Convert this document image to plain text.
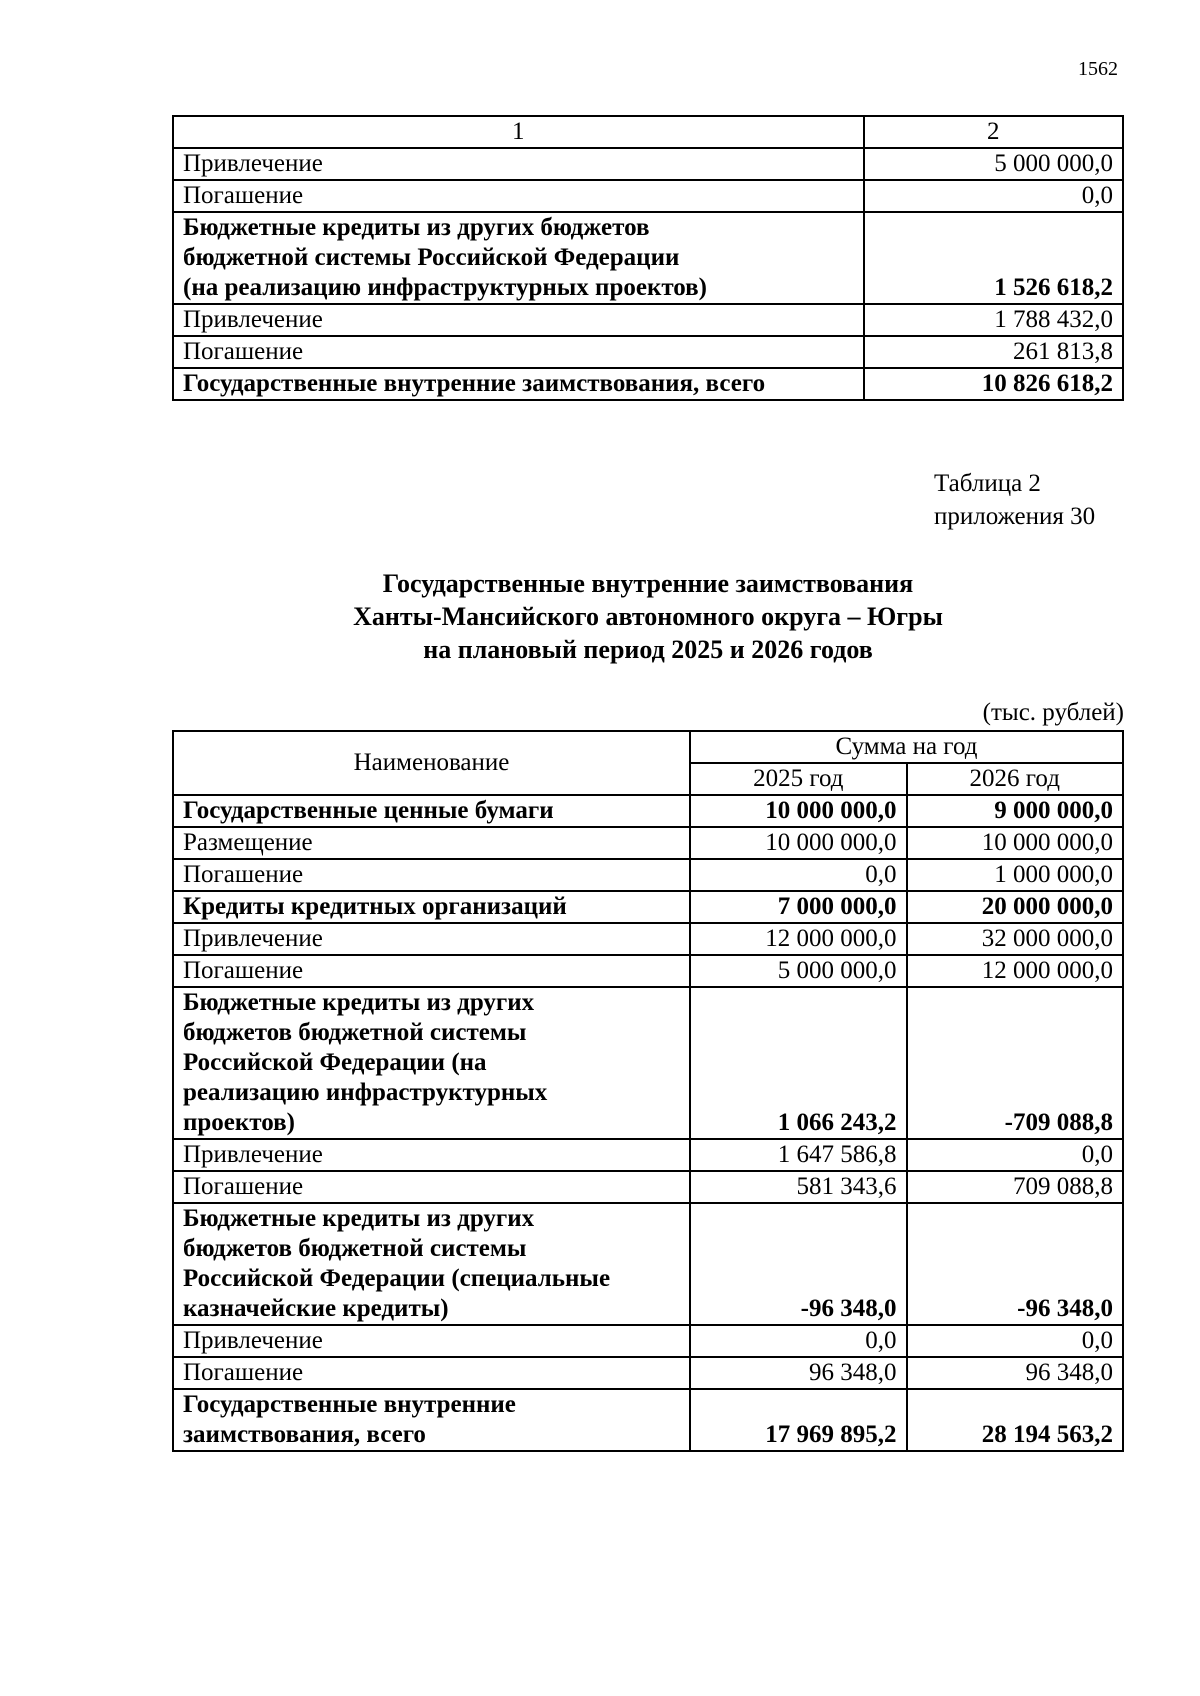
1562
1	2
Привлечение	5 000 000,0
Погашение	0,0

Бюджетные кредиты из других бюджетов
бюджетной системы Российской Федерации
(на реализацию инфраструктурных проектов)	1 526 618,2
Привлечение	1 788 432,0
Погашение	261 813,8
Государственные внутренние заимствования, всего	10 826 618,2
Таблица 2
приложения 30
Государственные внутренние заимствования
Ханты-Мансийского автономного округа – Югры
на плановый период 2025 и 2026 годов
(тыс. рублей)
Наименование	Сумма на год	
	2025 год	2026 год

Государственные ценные бумаги	10 000 000,0	9 000 000,0

Размещение	10 000 000,0	10 000 000,0

Погашение	0,0	1 000 000,0

Кредиты кредитных организаций	7 000 000,0	20 000 000,0

Привлечение	12 000 000,0	32 000 000,0

Погашение	5 000 000,0	12 000 000,0

Бюджетные кредиты из других
бюджетов бюджетной системы
Российской Федерации (на
реализацию инфраструктурных
проектов)	1 066 243,2	-709 088,8

Привлечение	1 647 586,8	0,0

Погашение	581 343,6	709 088,8

Бюджетные кредиты из других
бюджетов бюджетной системы
Российской Федерации (специальные
казначейские кредиты)	-96 348,0	-96 348,0

Привлечение	0,0	0,0

Погашение	96 348,0	96 348,0

Государственные внутренние
заимствования, всего	17 969 895,2	28 194 563,2
